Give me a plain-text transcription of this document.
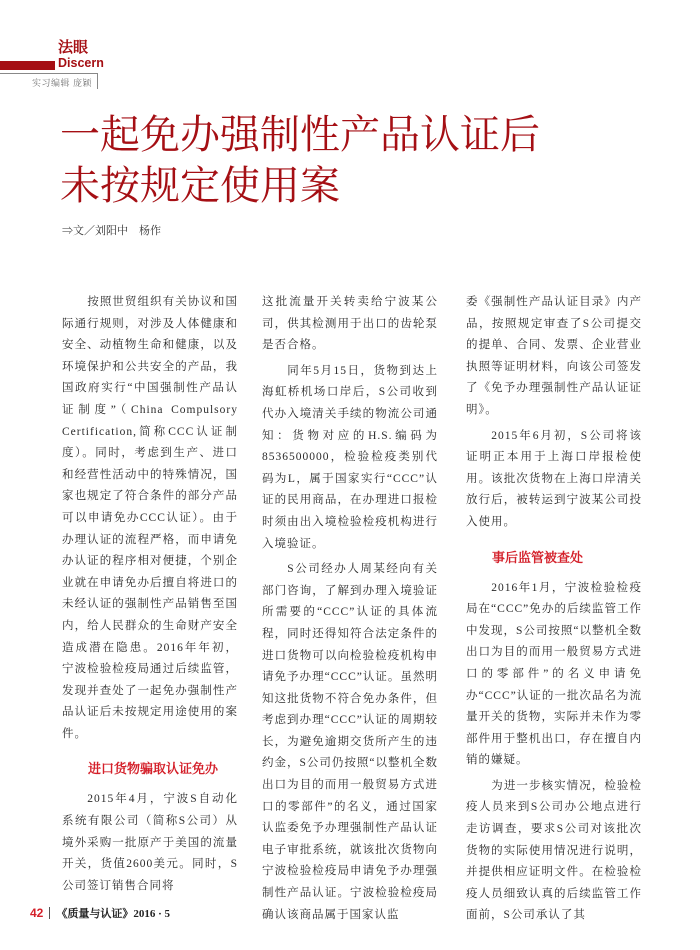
法眼
Discern
实习编辑 庞颖
一起免办强制性产品认证后
未按规定使用案
⇒文／刘阳中　杨作

按照世贸组织有关协议和国际通行规则，对涉及人体健康和安全、动植物生命和健康，以及环境保护和公共安全的产品，我国政府实行“中国强制性产品认证制度”（China Compulsory Certification,简称CCC认证制度）。同时，考虑到生产、进口和经营性活动中的特殊情况，国家也规定了符合条件的部分产品可以申请免办CCC认证）。由于办理认证的流程严格，而申请免办认证的程序相对便捷，个别企业就在申请免办后擅自将进口的未经认证的强制性产品销售至国内，给人民群众的生命财产安全造成潜在隐患。2016年年初，宁波检验检疫局通过后续监管，发现并查处了一起免办强制性产品认证后未按规定用途使用的案件。

进口货物骗取认证免办

2015年4月，宁波S自动化系统有限公司（简称S公司）从境外采购一批原产于美国的流量开关，货值2600美元。同时，S公司签订销售合同将

这批流量开关转卖给宁波某公司，供其检测用于出口的齿轮泵是否合格。

同年5月15日，货物到达上海虹桥机场口岸后，S公司收到代办入境清关手续的物流公司通知：货物对应的H.S.编码为8536500000，检验检疫类别代码为L，属于国家实行“CCC”认证的民用商品，在办理进口报检时须由出入境检验检疫机构进行入境验证。

S公司经办人周某经向有关部门咨询，了解到办理入境验证所需要的“CCC”认证的具体流程，同时还得知符合法定条件的进口货物可以向检验检疫机构申请免予办理“CCC”认证。虽然明知这批货物不符合免办条件，但考虑到办理“CCC”认证的周期较长，为避免逾期交货所产生的违约金，S公司仍按照“以整机全数出口为目的而用一般贸易方式进口的零部件”的名义，通过国家认监委免予办理强制性产品认证电子审批系统，就该批次货物向宁波检验检疫局申请免予办理强制性产品认证。宁波检验检疫局确认该商品属于国家认监

委《强制性产品认证目录》内产品，按照规定审查了S公司提交的提单、合同、发票、企业营业执照等证明材料，向该公司签发了《免予办理强制性产品认证证明》。

2015年6月初，S公司将该证明正本用于上海口岸报检使用。该批次货物在上海口岸清关放行后，被转运到宁波某公司投入使用。

事后监管被查处

2016年1月，宁波检验检疫局在“CCC”免办的后续监管工作中发现，S公司按照“以整机全数出口为目的而用一般贸易方式进口的零部件”的名义申请免办“CCC”认证的一批次品名为流量开关的货物，实际并未作为零部件用于整机出口，存在擅自内销的嫌疑。

为进一步核实情况，检验检疫人员来到S公司办公地点进行走访调查，要求S公司对该批次货物的实际使用情况进行说明，并提供相应证明文件。在检验检疫人员细致认真的后续监管工作面前，S公司承认了其

42 《质量与认证》2016 · 5
